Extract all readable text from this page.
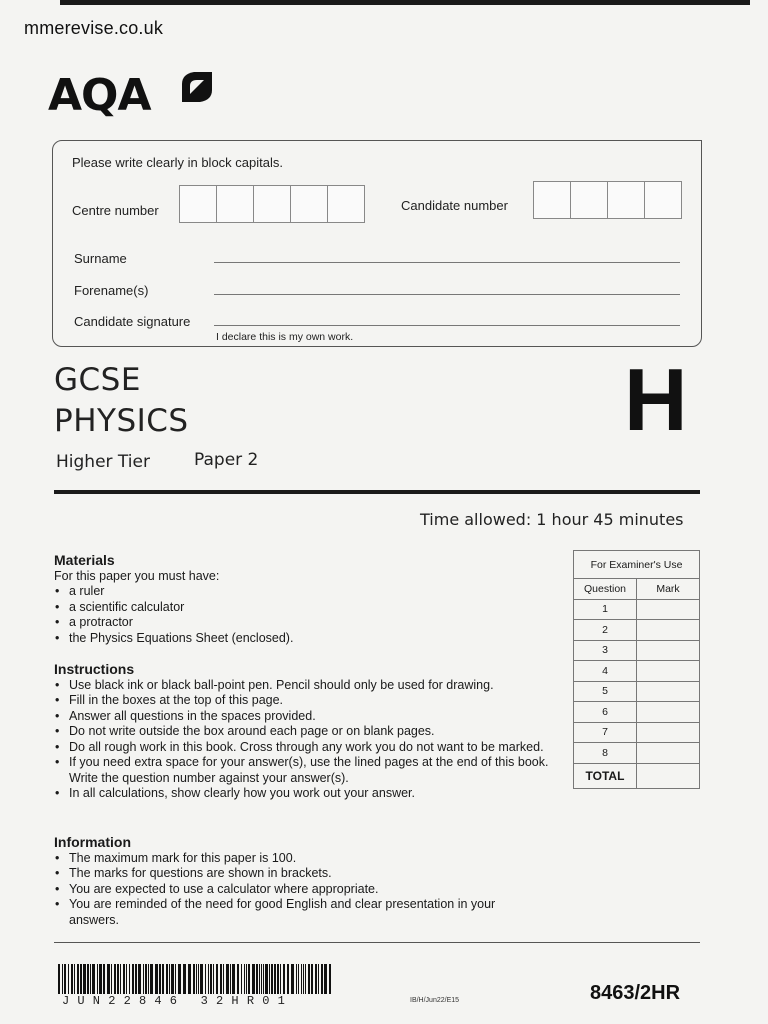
mmerevise.co.uk
AQA
Please write clearly in block capitals.
Centre number	Candidate number
Surname
Forename(s)
Candidate signature
I declare this is my own work.
GCSE
PHYSICS
Higher Tier	Paper 2
H
Time allowed: 1 hour 45 minutes
Materials
For this paper you must have:
• a ruler
• a scientific calculator
• a protractor
• the Physics Equations Sheet (enclosed).
Instructions
• Use black ink or black ball-point pen. Pencil should only be used for drawing.
• Fill in the boxes at the top of this page.
• Answer all questions in the spaces provided.
• Do not write outside the box around each page or on blank pages.
• Do all rough work in this book. Cross through any work you do not want to be marked.
• If you need extra space for your answer(s), use the lined pages at the end of this book. Write the question number against your answer(s).
• In all calculations, show clearly how you work out your answer.
Information
• The maximum mark for this paper is 100.
• The marks for questions are shown in brackets.
• You are expected to use a calculator where appropriate.
• You are reminded of the need for good English and clear presentation in your answers.
For Examiner's Use	
Question	Mark
1	
2	
3	
4	
5	
6	
7	
8	
TOTAL	
JUN22846 32HR01	IB/H/Jun22/E15	8463/2HR
